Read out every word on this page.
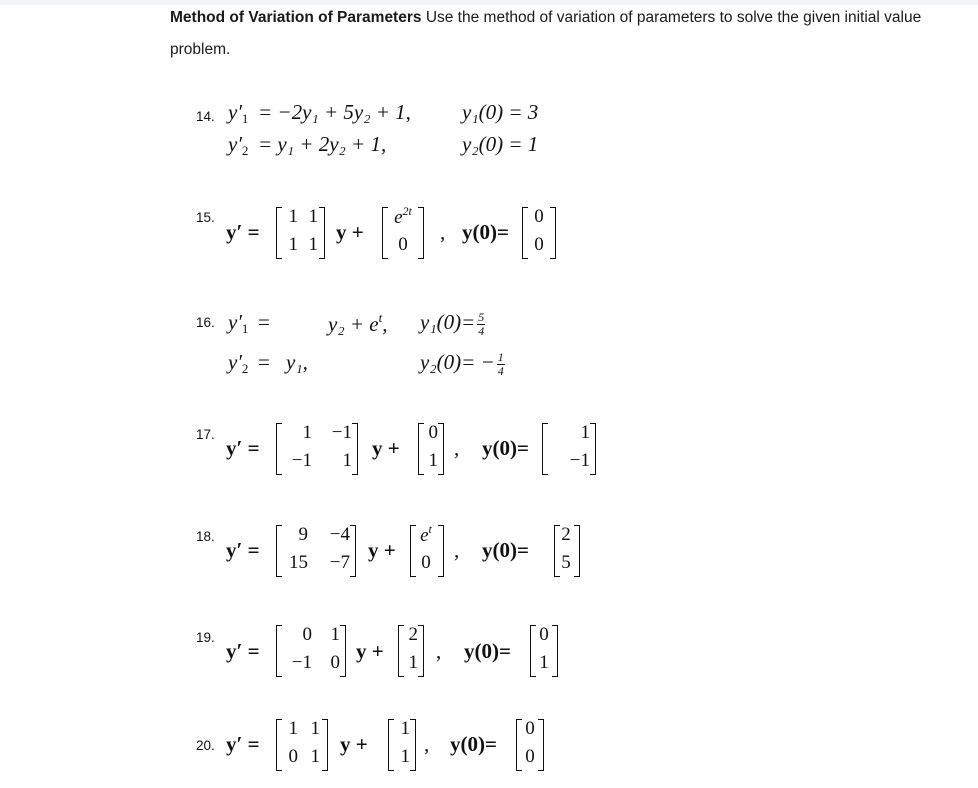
Method of Variation of Parameters Use the method of variation of parameters to solve the given initial value problem.
14. $y'_1 = -2y_1 + 5y_2 + 1$, y₁(0) = 3
$y'_2 = y_1 + 2y_2 + 1$,	y₂(0) = 1
15.
y′ =
1 1
1 1
y +
$e^{2t}$
0
, y(0)=
0
0
16. $y'_1$ =	$y_2 + e^t$, $y_1(0)= \frac{5}{4}$
$y'_2 = y_1$,	$y_2(0)= - \frac{1}{4}$
17.
y′ =
1	−1
−1	1
y +
0
1
, y(0)=
1
−1
18.
y′ =
9	−4
15	−7
y +
$e^t$
0
, y(0)=
2
5
19.
y′ =
0 1
−1 0 y +
2
1 , y(0)=
0
1
20. y′ =
1 1
0 1
y +
1
1
, y(0)=
0
0
